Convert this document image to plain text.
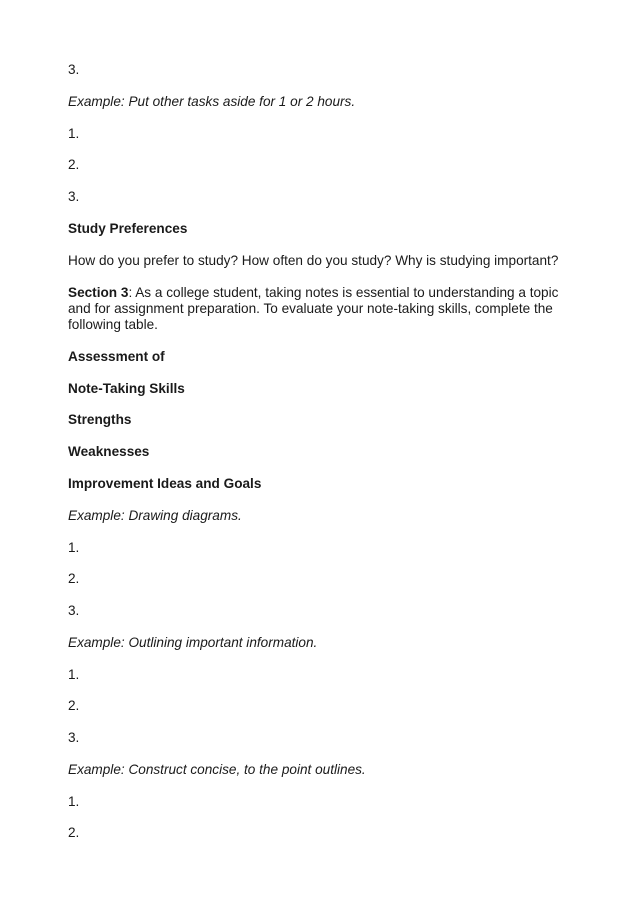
3.
Example: Put other tasks aside for 1 or 2 hours.
1.
2.
3.
Study Preferences
How do you prefer to study? How often do you study? Why is studying important?
Section 3: As a college student, taking notes is essential to understanding a topic
and for assignment preparation. To evaluate your note-taking skills, complete the
following table.
Assessment of
Note-Taking Skills
Strengths
Weaknesses
Improvement Ideas and Goals
Example: Drawing diagrams.
1.
2.
3.
Example: Outlining important information.
1.
2.
3.
Example: Construct concise, to the point outlines.
1.
2.
